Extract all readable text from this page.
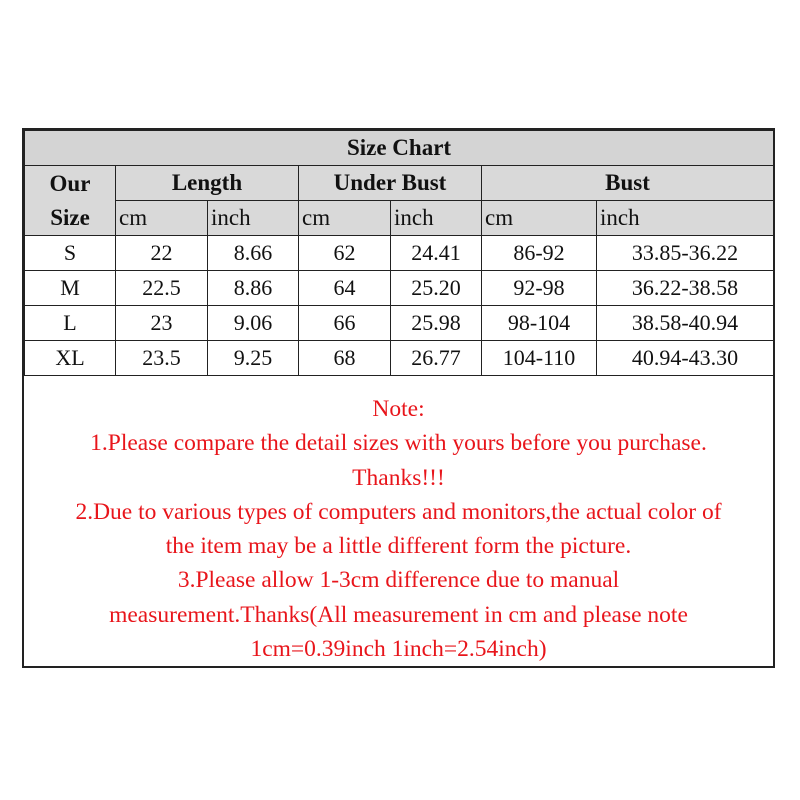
Size Chart						

Our
Size	Length		Under Bust		Bust	
	cm	inch	cm	inch	cm	inch
S	22	8.66	62	24.41	86-92	33.85-36.22
M	22.5	8.86	64	25.20	92-98	36.22-38.58
L	23	9.06	66	25.98	98-104	38.58-40.94
XL	23.5	9.25	68	26.77	104-110	40.94-43.30
Note:
1.Please compare the detail sizes with yours before you purchase.
Thanks!!!
2.Due to various types of computers and monitors,the actual color of
the item may be a little different form the picture.
3.Please allow 1-3cm difference due to manual
measurement.Thanks(All measurement in cm and please note
1cm=0.39inch 1inch=2.54inch)
